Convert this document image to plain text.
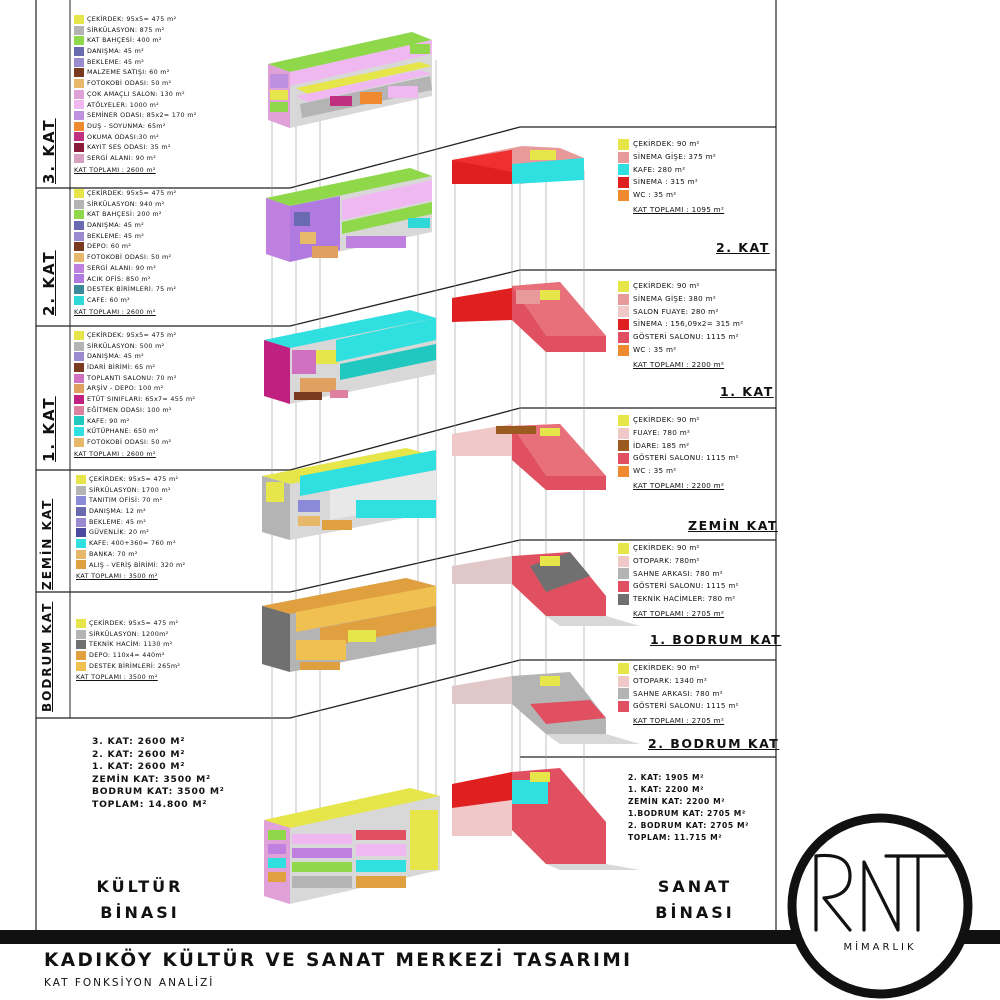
3. KAT
2. KAT
1. KAT
ZEMİN KAT
BODRUM KAT
ÇEKİRDEK: 95x5= 475 m²
SİRKÜLASYON: 875 m²
KAT BAHÇESİ: 400 m²
DANIŞMA: 45 m²
BEKLEME: 45 m²
MALZEME SATIŞI: 60 m²
FOTOKOBİ ODASI: 50 m²
ÇOK AMAÇLI SALON: 130 m²
ATÖLYELER: 1000 m²
SEMİNER ODASI: 85x2= 170 m²
DUŞ - SOYUNMA: 65m²
OKUMA ODASI:30 m²
KAYIT SES ODASI: 35 m²
SERGİ ALANI: 90 m²
KAT TOPLAMI : 2600 m²
ÇEKİRDEK: 95x5= 475 m²
SİRKÜLASYON: 940 m²
KAT BAHÇESİ: 200 m²
DANIŞMA: 45 m²
BEKLEME: 45 m²
DEPO: 60 m²
FOTOKOBİ ODASI: 50 m²
SERGİ ALANI: 90 m²
ACIK OFİS: 850 m²
DESTEK BİRİMLERİ: 75 m²
CAFE: 60 m²
KAT TOPLAMI : 2600 m²
ÇEKİRDEK: 95x5= 475 m²
SİRKÜLASYON: 500 m²
DANIŞMA: 45 m²
İDARİ BİRİMİ: 65 m²
TOPLANTI SALONU: 70 m²
ARŞİV - DEPO: 100 m²
ETÜT SINIFLARI: 65x7= 455 m²
EĞİTMEN ODASI: 100 m²
KAFE: 90 m²
KÜTÜPHANE: 650 m²
FOTOKOBİ ODASI: 50 m²
KAT TOPLAMI : 2600 m²
ÇEKİRDEK: 95x5= 475 m²
SİRKÜLASYON: 1700 m²
TANITIM OFİSİ: 70 m²
DANIŞMA: 12 m²
BEKLEME: 45 m²
GÜVENLİK: 20 m²
KAFE: 400+360= 760 m²
BANKA: 70 m²
ALIŞ - VERİŞ BİRİMİ: 320 m²
KAT TOPLAMI : 3500 m²
ÇEKİRDEK: 95x5= 475 m²
SİRKÜLASYON: 1200m²
TEKNİK HACİM: 1130 m²
DEPO: 110x4= 440m²
DESTEK BİRİMLERİ: 265m²
KAT TOPLAMI : 3500 m²
ÇEKİRDEK: 90 m²
SİNEMA GİŞE: 375 m²
KAFE: 280 m²
SİNEMA : 315 m²
WC : 35 m²
KAT TOPLAMI : 1095 m²
2. KAT
ÇEKİRDEK: 90 m²
SİNEMA GİŞE: 380 m²
SALON FUAYE: 280 m²
SİNEMA : 156,09x2= 315 m²
GÖSTERİ SALONU: 1115 m²
WC : 35 m²
KAT TOPLAMI : 2200 m²
1. KAT
ÇEKİRDEK: 90 m²
FUAYE: 780 m²
İDARE: 185 m²
GÖSTERİ SALONU: 1115 m²
WC : 35 m²
KAT TOPLAMI : 2200 m²
ZEMİN KAT
ÇEKİRDEK: 90 m²
OTOPARK: 780m²
SAHNE ARKASI: 780 m²
GÖSTERİ SALONU: 1115 m²
TEKNİK HACİMLER: 780 m²
KAT TOPLAMI : 2705 m²
1. BODRUM KAT
ÇEKİRDEK: 90 m²
OTOPARK: 1340 m²
SAHNE ARKASI: 780 m²
GÖSTERİ SALONU: 1115 m²
KAT TOPLAMI : 2705 m²
2. BODRUM KAT
3. KAT: 2600 M²
2. KAT: 2600 M²
1. KAT: 2600 M²
ZEMİN KAT: 3500 M²
BODRUM KAT: 3500 M²
TOPLAM: 14.800 M²
2. KAT: 1905 M²
1. KAT: 2200 M²
ZEMİN KAT: 2200 M²
1.BODRUM KAT: 2705 M²
2. BODRUM KAT: 2705 M²
TOPLAM: 11.715 M²
KÜLTÜR
BİNASI
SANAT
BİNASI
MİMARLIK
KADIKÖY KÜLTÜR VE SANAT MERKEZİ TASARIMI
KAT FONKSİYON ANALİZİ
